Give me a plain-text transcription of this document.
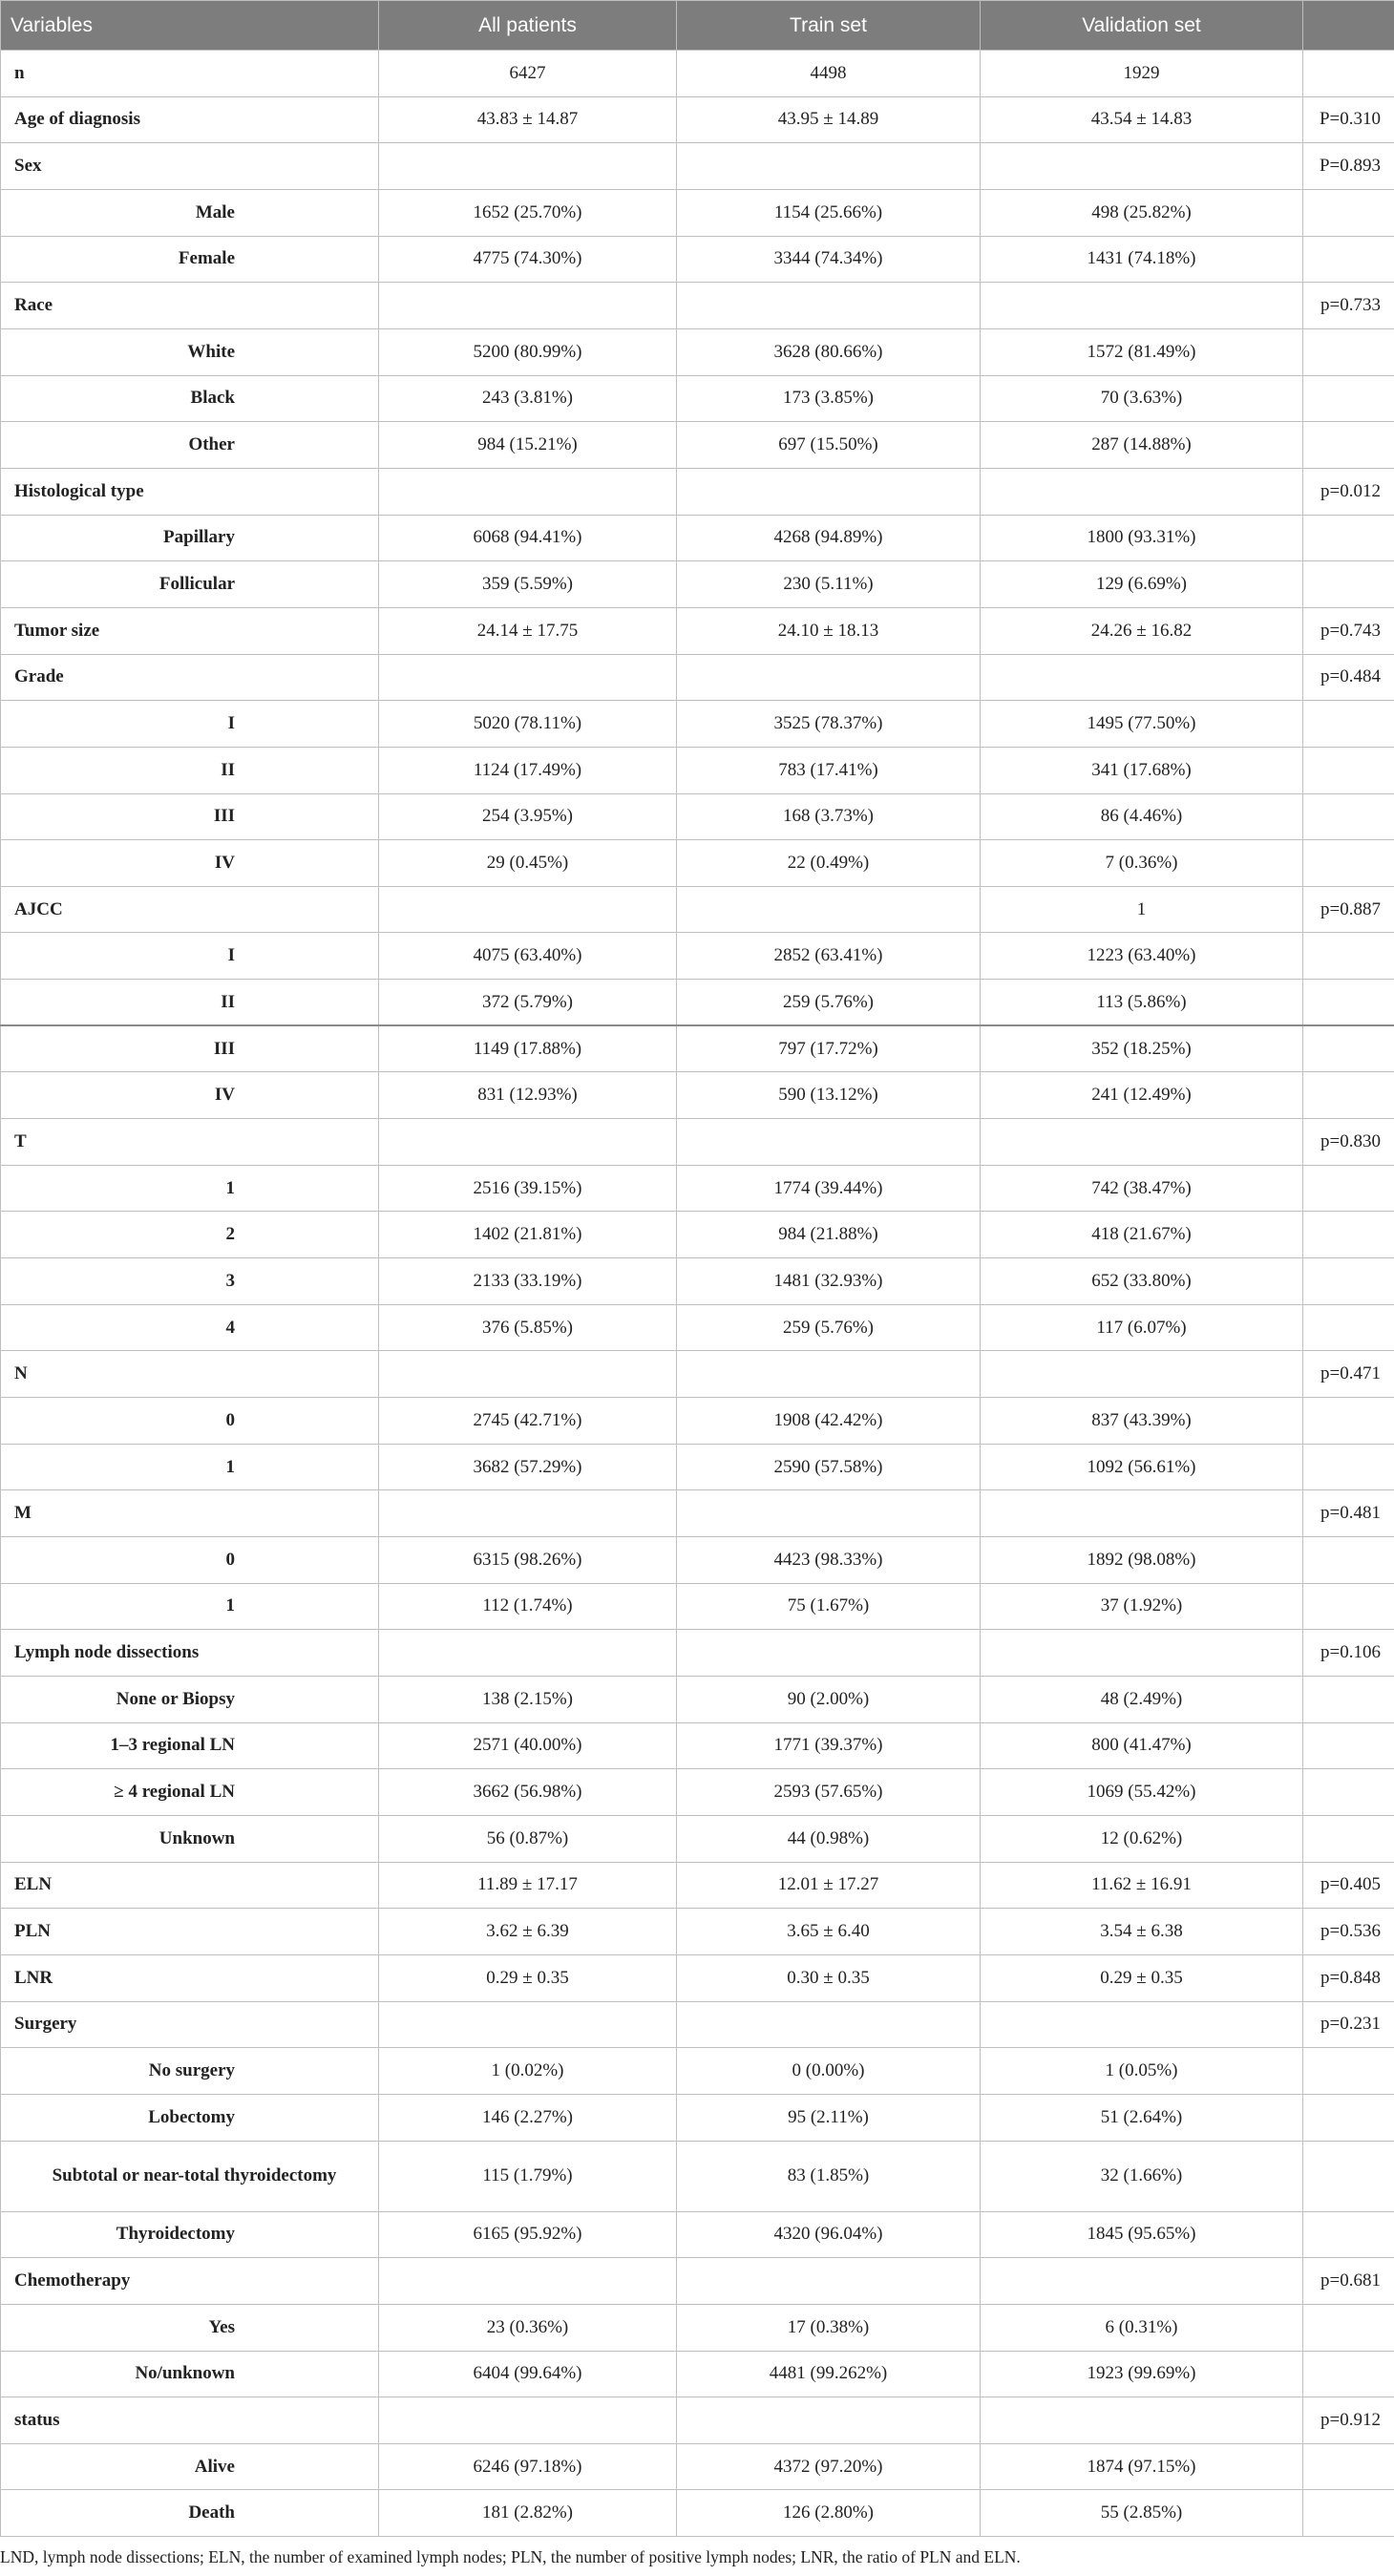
Variables	All patients	Train set	Validation set	
n	6427	4498	1929	
Age of diagnosis	43.83 ± 14.87	43.95 ± 14.89	43.54 ± 14.83	P=0.310
Sex				P=0.893
Male	1652 (25.70%)	1154 (25.66%)	498 (25.82%)	
Female	4775 (74.30%)	3344 (74.34%)	1431 (74.18%)	
Race				p=0.733
White	5200 (80.99%)	3628 (80.66%)	1572 (81.49%)	
Black	243 (3.81%)	173 (3.85%)	70 (3.63%)	
Other	984 (15.21%)	697 (15.50%)	287 (14.88%)	
Histological type				p=0.012
Papillary	6068 (94.41%)	4268 (94.89%)	1800 (93.31%)	
Follicular	359 (5.59%)	230 (5.11%)	129 (6.69%)	
Tumor size	24.14 ± 17.75	24.10 ± 18.13	24.26 ± 16.82	p=0.743
Grade				p=0.484
I	5020 (78.11%)	3525 (78.37%)	1495 (77.50%)	
II	1124 (17.49%)	783 (17.41%)	341 (17.68%)	
III	254 (3.95%)	168 (3.73%)	86 (4.46%)	
IV	29 (0.45%)	22 (0.49%)	7 (0.36%)	
AJCC			1	p=0.887
I	4075 (63.40%)	2852 (63.41%)	1223 (63.40%)	
II	372 (5.79%)	259 (5.76%)	113 (5.86%)	
III	1149 (17.88%)	797 (17.72%)	352 (18.25%)	
IV	831 (12.93%)	590 (13.12%)	241 (12.49%)	
T				p=0.830
1	2516 (39.15%)	1774 (39.44%)	742 (38.47%)	
2	1402 (21.81%)	984 (21.88%)	418 (21.67%)	
3	2133 (33.19%)	1481 (32.93%)	652 (33.80%)	
4	376 (5.85%)	259 (5.76%)	117 (6.07%)	
N				p=0.471
0	2745 (42.71%)	1908 (42.42%)	837 (43.39%)	
1	3682 (57.29%)	2590 (57.58%)	1092 (56.61%)	
M				p=0.481
0	6315 (98.26%)	4423 (98.33%)	1892 (98.08%)	
1	112 (1.74%)	75 (1.67%)	37 (1.92%)	
Lymph node dissections				p=0.106
None or Biopsy	138 (2.15%)	90 (2.00%)	48 (2.49%)	
1–3 regional LN	2571 (40.00%)	1771 (39.37%)	800 (41.47%)	
≥ 4 regional LN	3662 (56.98%)	2593 (57.65%)	1069 (55.42%)	
Unknown	56 (0.87%)	44 (0.98%)	12 (0.62%)	
ELN	11.89 ± 17.17	12.01 ± 17.27	11.62 ± 16.91	p=0.405
PLN	3.62 ± 6.39	3.65 ± 6.40	3.54 ± 6.38	p=0.536
LNR	0.29 ± 0.35	0.30 ± 0.35	0.29 ± 0.35	p=0.848
Surgery				p=0.231
No surgery	1 (0.02%)	0 (0.00%)	1 (0.05%)	
Lobectomy	146 (2.27%)	95 (2.11%)	51 (2.64%)	
Subtotal or near-total thyroidectomy	115 (1.79%)	83 (1.85%)	32 (1.66%)	
Thyroidectomy	6165 (95.92%)	4320 (96.04%)	1845 (95.65%)	
Chemotherapy				p=0.681
Yes	23 (0.36%)	17 (0.38%)	6 (0.31%)	
No/unknown	6404 (99.64%)	4481 (99.262%)	1923 (99.69%)	
status				p=0.912
Alive	6246 (97.18%)	4372 (97.20%)	1874 (97.15%)	
Death	181 (2.82%)	126 (2.80%)	55 (2.85%)	
LND, lymph node dissections; ELN, the number of examined lymph nodes; PLN, the number of positive lymph nodes; LNR, the ratio of PLN and ELN.
